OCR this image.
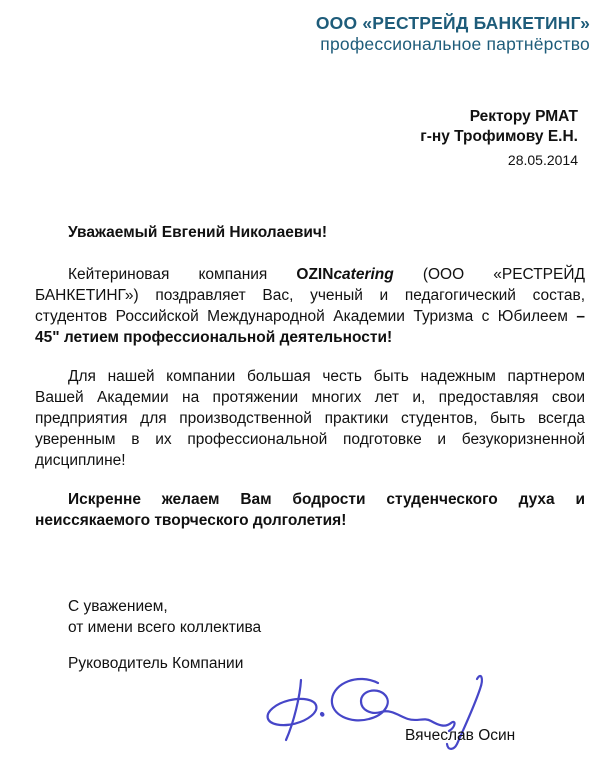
ООО «РЕСТРЕЙД БАНКЕТИНГ»
профессиональное партнёрство
Ректору РМАТ
г-ну Трофимову Е.Н.
28.05.2014

Уважаемый Евгений Николаевич!

Кейтериновая компания OZINcatering (ООО «РЕСТРЕЙД БАНКЕТИНГ») поздравляет Вас, ученый и педагогический состав, студентов Российской Международной Академии Туризма с Юбилеем – 45" летием профессиональной деятельности!

Для нашей компании большая честь быть надежным партнером Вашей Академии на протяжении многих лет и, предоставляя свои предприятия для производственной практики студентов, быть всегда уверенным в их профессиональной подготовке и безукоризненной дисциплине!

Искренне желаем Вам бодрости студенческого духа и неиссякаемого творческого долголетия!

С уважением,
от имени всего коллектива
Руководитель Компании
Вячеслав Осин
